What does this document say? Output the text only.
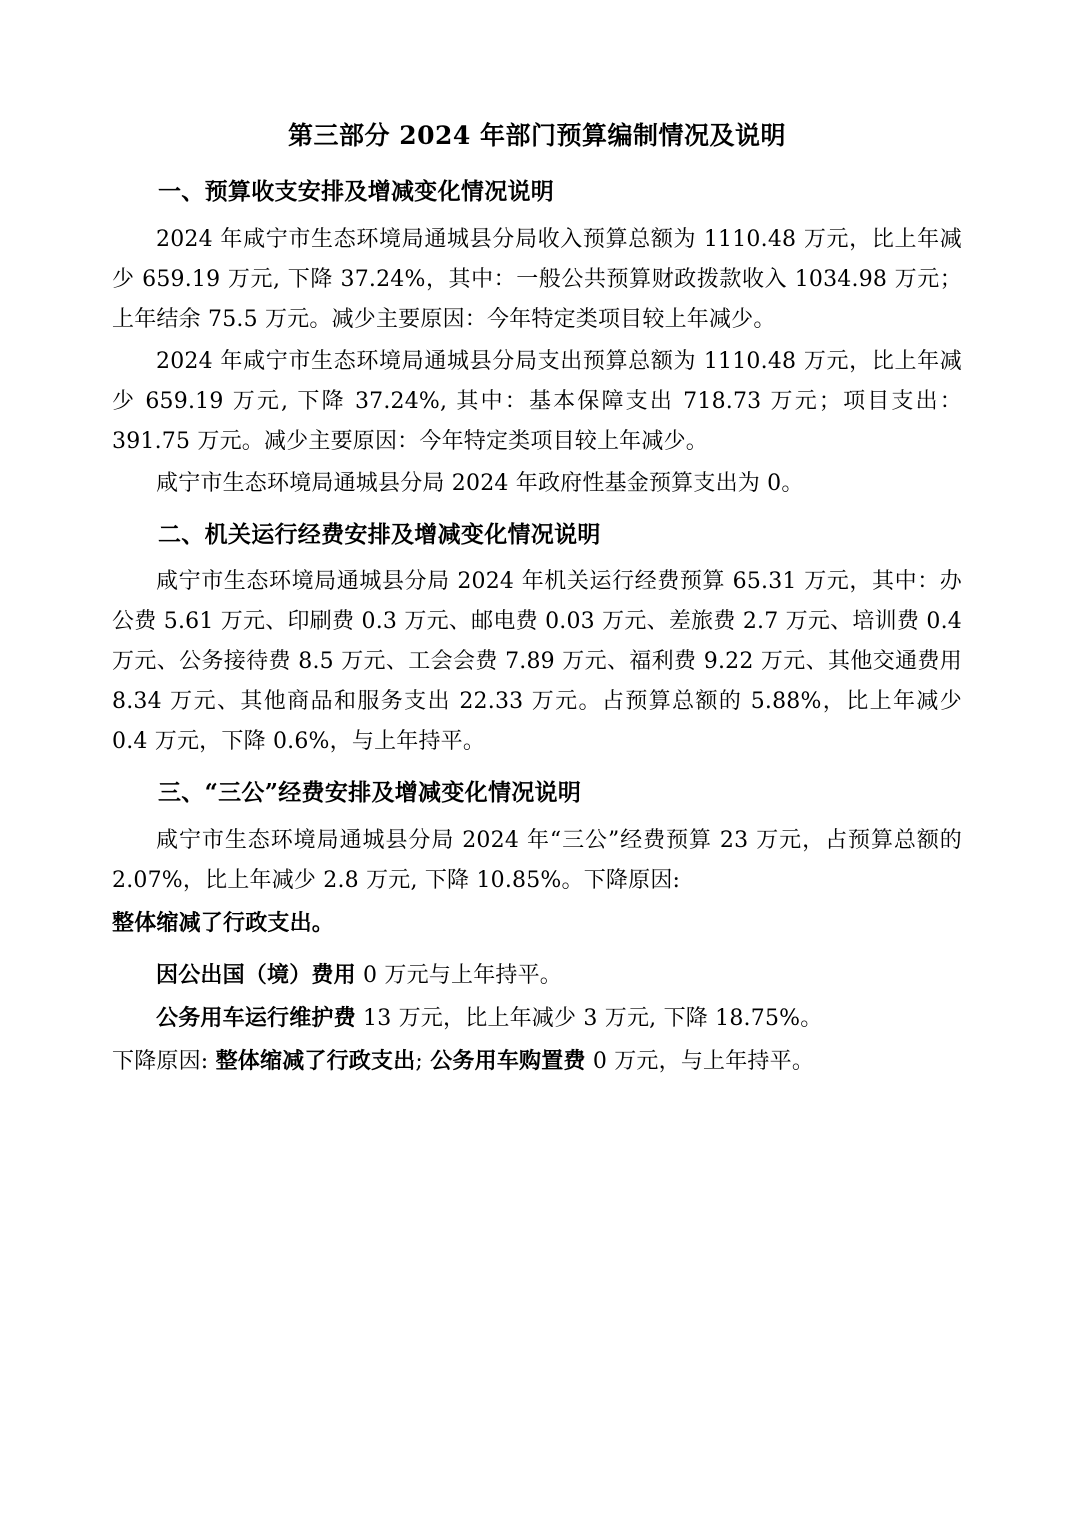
第三部分 2024 年部门预算编制情况及说明
一、预算收支安排及增减变化情况说明

2024 年咸宁市生态环境局通城县分局收入预算总额为 1110.48 万元，比上年减少 659.19 万元, 下降 37.24%，其中：一般公共预算财政拨款收入 1034.98 万元；上年结余 75.5 万元。减少主要原因：今年特定类项目较上年减少。

2024 年咸宁市生态环境局通城县分局支出预算总额为 1110.48 万元，比上年减少 659.19 万元, 下降 37.24%, 其中：基本保障支出 718.73 万元；项目支出：391.75 万元。减少主要原因：今年特定类项目较上年减少。

咸宁市生态环境局通城县分局 2024 年政府性基金预算支出为 0。

二、机关运行经费安排及增减变化情况说明

咸宁市生态环境局通城县分局 2024 年机关运行经费预算 65.31 万元，其中：办公费 5.61 万元、印刷费 0.3 万元、邮电费 0.03 万元、差旅费 2.7 万元、培训费 0.4 万元、公务接待费 8.5 万元、工会会费 7.89 万元、福利费 9.22 万元、其他交通费用 8.34 万元、其他商品和服务支出 22.33 万元。占预算总额的 5.88%，比上年减少 0.4 万元，下降 0.6%，与上年持平。

三、“三公”经费安排及增减变化情况说明

咸宁市生态环境局通城县分局 2024 年“三公”经费预算 23 万元，占预算总额的 2.07%，比上年减少 2.8 万元, 下降 10.85%。下降原因:

整体缩减了行政支出。

因公出国（境）费用 0 万元与上年持平。

公务用车运行维护费 13 万元，比上年减少 3 万元, 下降 18.75%。

下降原因: 整体缩减了行政支出; 公务用车购置费 0 万元，与上年持平。
